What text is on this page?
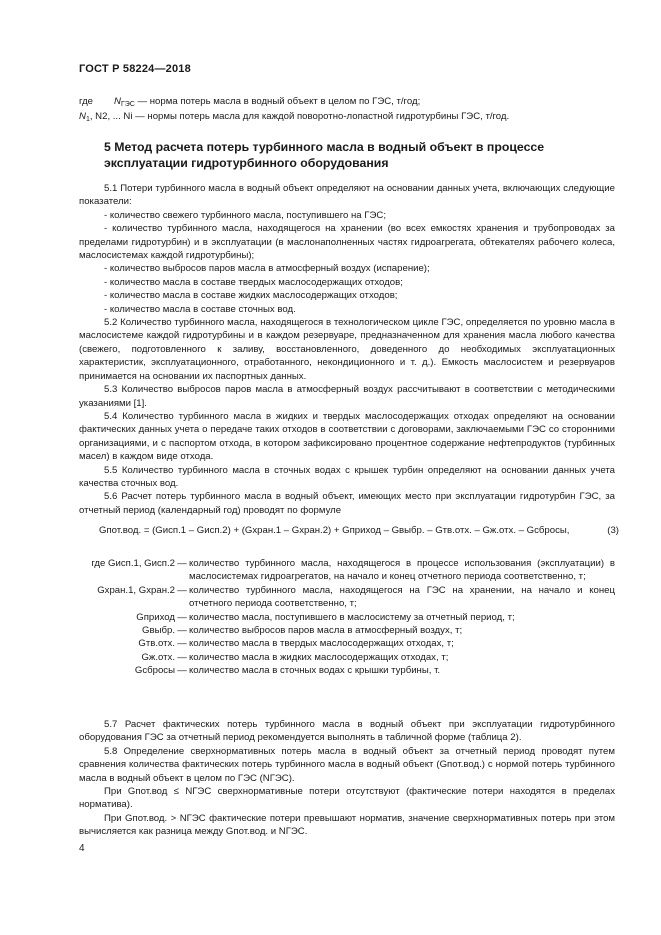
ГОСТ Р 58224—2018
где $N_{ГЭС}$ — норма потерь масла в водный объект в целом по ГЭС, т/год;
$N_1$, N2, ... Ni — нормы потерь масла для каждой поворотно-лопастной гидротурбины ГЭС, т/год.
5 Метод расчета потерь турбинного масла в водный объект в процессе эксплуатации гидротурбинного оборудования

5.1 Потери турбинного масла в водный объект определяют на основании данных учета, включающих следующие показатели:

- количество свежего турбинного масла, поступившего на ГЭС;

- количество турбинного масла, находящегося на хранении (во всех емкостях хранения и трубопроводах за пределами гидротурбин) и в эксплуатации (в маслонаполненных частях гидроагрегата, обтекателях рабочего колеса, маслосистемах каждой гидротурбины);

- количество выбросов паров масла в атмосферный воздух (испарение);

- количество масла в составе твердых маслосодержащих отходов;

- количество масла в составе жидких маслосодержащих отходов;

- количество масла в составе сточных вод.

5.2 Количество турбинного масла, находящегося в технологическом цикле ГЭС, определяется по уровню масла в маслосистеме каждой гидротурбины и в каждом резервуаре, предназначенном для хранения масла любого качества (свежего, подготовленного к заливу, восстановленного, доведенного до необходимых эксплуатационных характеристик, эксплуатационного, отработанного, некондиционного и т. д.). Емкость маслосистем и резервуаров принимается на основании их паспортных данных.

5.3 Количество выбросов паров масла в атмосферный воздух рассчитывают в соответствии с методическими указаниями [1].

5.4 Количество турбинного масла в жидких и твердых маслосодержащих отходах определяют на основании фактических данных учета о передаче таких отходов в соответствии с договорами, заключаемыми ГЭС со сторонними организациями, и с паспортом отхода, в котором зафиксировано процентное содержание нефтепродуктов (турбинных масел) в каждом виде отхода.

5.5 Количество турбинного масла в сточных водах с крышек турбин определяют на основании данных учета качества сточных вод.

5.6 Расчет потерь турбинного масла в водный объект, имеющих место при эксплуатации гидротурбин ГЭС, за отчетный период (календарный год) проводят по формуле

Gпот.вод. = (Gисп.1 – Gисп.2) + (Gхран.1 – Gхран.2) + Gприход – Gвыбр. – Gтв.отх. – Gж.отх. – Gсбросы,	(3)
где Gисп.1, Gисп.2 — количество турбинного масла, находящегося в процессе использования (эксплуатации) в маслосистемах гидроагрегатов, на начало и конец отчетного периода соответственно, т;
Gхран.1, Gхран.2 — количество турбинного масла, находящегося на ГЭС на хранении, на начало и конец отчетного периода соответственно, т;
Gприход — количество масла, поступившего в маслосистему за отчетный период, т;
Gвыбр. — количество выбросов паров масла в атмосферный воздух, т;
Gтв.отх. — количество масла в твердых маслосодержащих отходах, т;
Gж.отх. — количество масла в жидких маслосодержащих отходах, т;
Gсбросы — количество масла в сточных водах с крышки турбины, т.

5.7 Расчет фактических потерь турбинного масла в водный объект при эксплуатации гидротурбинного оборудования ГЭС за отчетный период рекомендуется выполнять в табличной форме (таблица 2).

5.8 Определение сверхнормативных потерь масла в водный объект за отчетный период проводят путем сравнения количества фактических потерь турбинного масла в водный объект (Gпот.вод.) с нормой потерь турбинного масла в водный объект в целом по ГЭС (NГЭС).

При Gпот.вод ≤ NГЭС сверхнормативные потери отсутствуют (фактические потери находятся в пределах норматива).

При Gпот.вод. > NГЭС фактические потери превышают норматив, значение сверхнормативных потерь при этом вычисляется как разница между Gпот.вод. и NГЭС.

4
